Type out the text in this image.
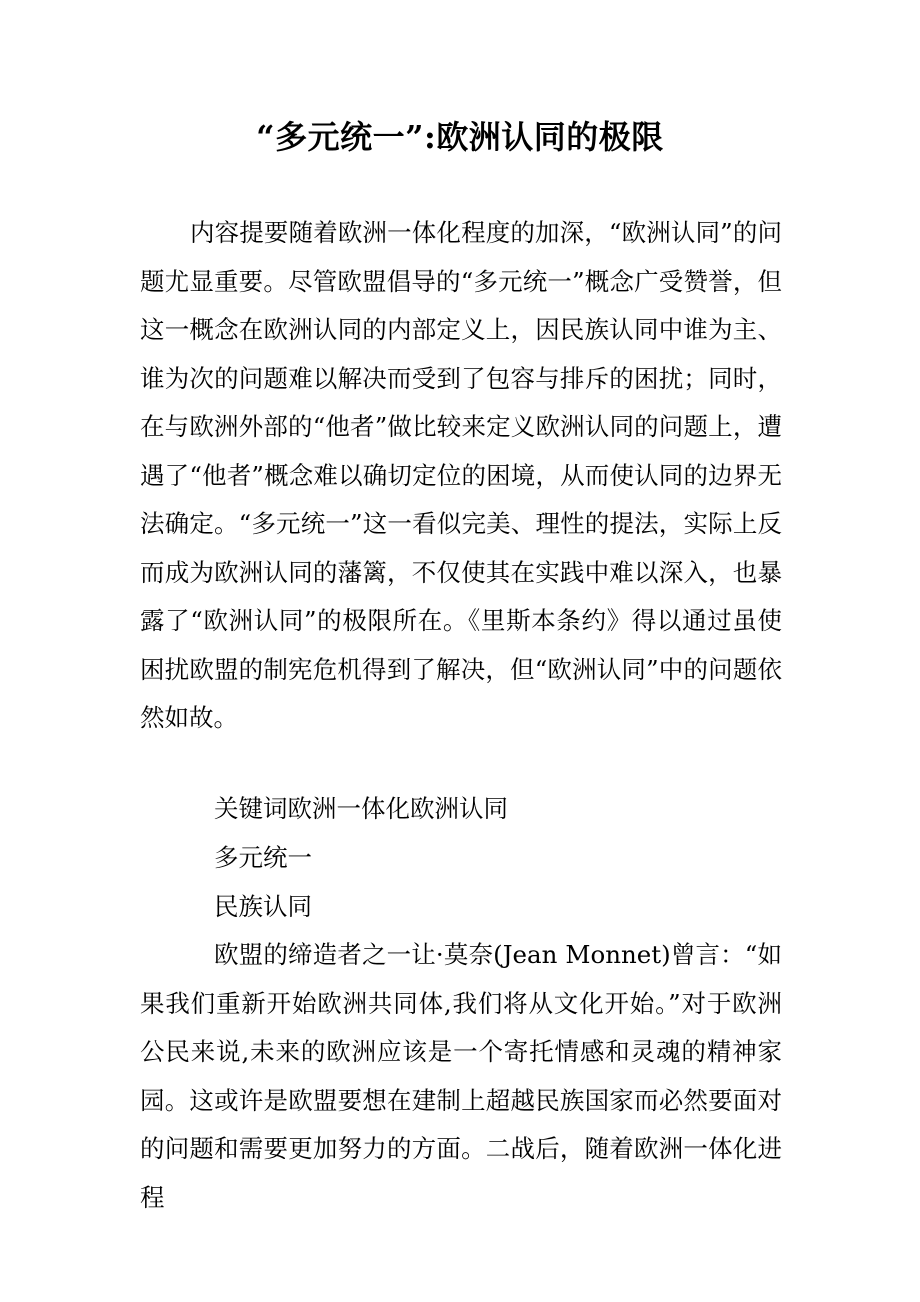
“多元统一”:欧洲认同的极限

内容提要随着欧洲一体化程度的加深，“欧洲认同”的问题尤显重要。尽管欧盟倡导的“多元统一”概念广受赞誉，但这一概念在欧洲认同的内部定义上，因民族认同中谁为主、谁为次的问题难以解决而受到了包容与排斥的困扰；同时，在与欧洲外部的“他者”做比较来定义欧洲认同的问题上，遭遇了“他者”概念难以确切定位的困境，从而使认同的边界无法确定。“多元统一”这一看似完美、理性的提法，实际上反而成为欧洲认同的藩篱，不仅使其在实践中难以深入，也暴露了“欧洲认同”的极限所在。《里斯本条约》得以通过虽使困扰欧盟的制宪危机得到了解决，但“欧洲认同”中的问题依然如故。

关键词欧洲一体化欧洲认同

多元统一

民族认同

欧盟的缔造者之一让·莫奈(Jean Monnet)曾言：“如果我们重新开始欧洲共同体,我们将从文化开始。”对于欧洲公民来说,未来的欧洲应该是一个寄托情感和灵魂的精神家园。这或许是欧盟要想在建制上超越民族国家而必然要面对的问题和需要更加努力的方面。二战后，随着欧洲一体化进程
